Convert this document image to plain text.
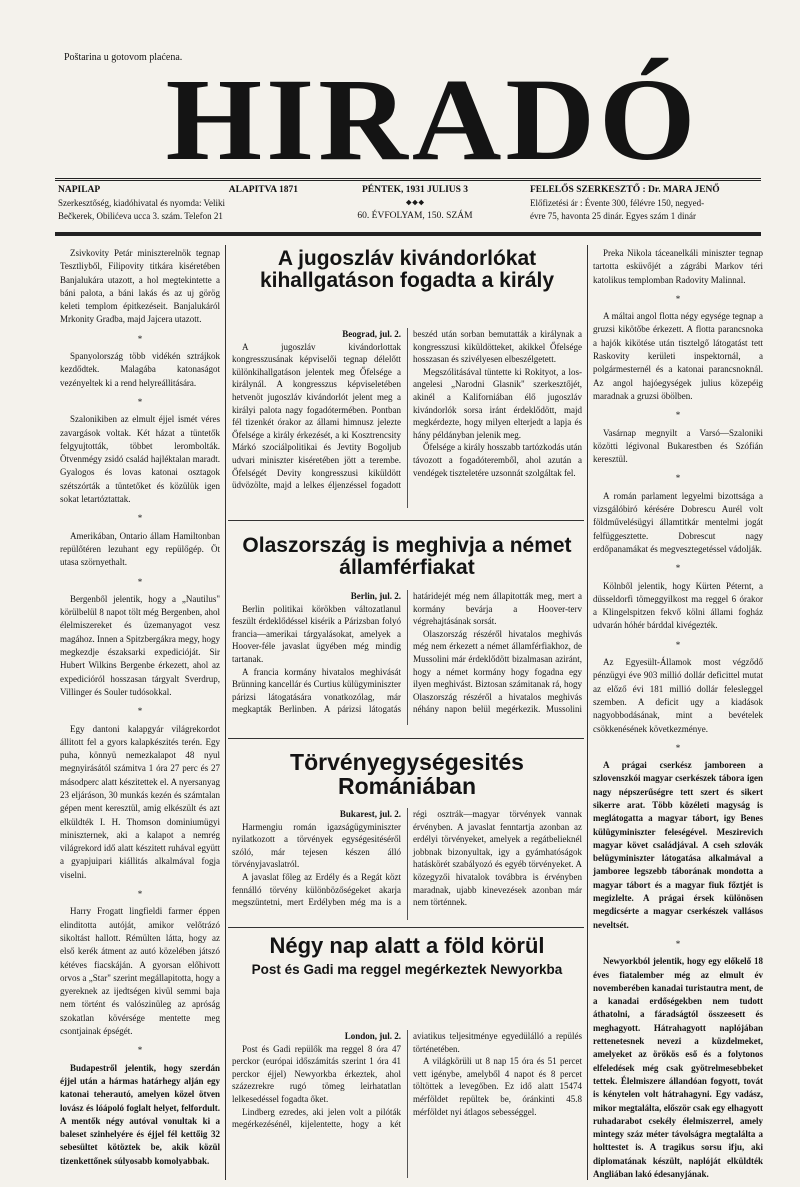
Poštarina u gotovom plaćena.
HIRADÓ
NAPILAP	ALAPITVA 1871
Szerkesztőség, kiadóhivatal és nyomda: Veliki
Bečkerek, Obilićeva ucca 3. szám. Telefon 21
PÉNTEK, 1931 JULIUS 3
❖❖❖
60. ÉVFOLYAM, 150. SZÁM
FELELŐS SZERKESZTŐ : Dr. MARA JENŐ
Előfizetési ár : Évente 300, félévre 150, negyed-
évre 75, havonta 25 dinár. Egyes szám 1 dinár

Zsivkovity Petár miniszterelnök tegnap Tesztliyből, Filipovity titkára kiséretében Banjalukára utazott, a hol megtekintette a báni palota, a báni lakás és az uj görög keleti templom épitkezéseit. Banjalukáról Mrkonity Gradba, majd Jajcera utazott.

*

Spanyolország több vidékén sztrájkok kezdődtek. Malagába katonaságot vezényeltek ki a rend helyreállitására.

*

Szalonikiben az elmult éjjel ismét véres zavargások voltak. Két házat a tüntetők felgyujtották, többet lerombolták. Ötvenmégy zsidó család hajléktalan maradt. Gyalogos és lovas katonai osztagok szétszórták a tüntetőket és közülük igen sokat letartóztattak.

*

Amerikában, Ontario állam Hamiltonban repülőtéren lezuhant egy repülőgép. Öt utasa szörnyethalt.

*

Bergenből jelentik, hogy a „Nautilus" körülbelül 8 napot tölt még Bergenben, ahol élelmiszereket és üzemanyagot vesz magához. Innen a Spitzbergákra megy, hogy megkezdje északsarki expedicióját. Sir Hubert Wilkins Bergenbe érkezett, ahol az expedicióról hosszasan tárgyalt Sverdrup, Villinger és Souler tudósokkal.

*

Egy dantoni kalapgyár világrekordot állitott fel a gyors kalapkészités terén. Egy puha, könnyü nemezkalapot 48 nyul megnyirásától számitva 1 óra 27 perc és 27 másodperc alatt készitettek el. A nyersanyag 23 eljáráson, 30 munkás kezén és számtalan gépen ment keresztül, amig elkészült és azt elküldték I. H. Thomson dominiumügyi miniszternek, aki a kalapot a nemrég világrekord idő alatt készitett ruhával együtt a gyapjuipari kiállitás alkalmával fogja viselni.

*

Harry Frogatt lingfieldi farmer éppen elinditotta autóját, amikor velőtrázó sikoltást hallott. Rémülten látta, hogy az első kerék átment az autó közelében játszó kétéves fiacskáján. A gyorsan előhivott orvos a „Star" szerint megállapitotta, hogy a gyereknek az ijedtségen kivül semmi baja nem történt és valószinüleg az apróság szokatlan kövérsége mentette meg csontjainak épségét.

*

Budapestről jelentik, hogy szerdán éjjel után a hármas határhegy alján egy katonai teherautó, amelyen közel ötven lovász és lóápoló foglalt helyet, felfordult. A mentők négy autóval vonultak ki a baleset szinhelyére és éjjel fél kettőig 32 sebesültet kötöztek be, akik közül tizenkettőnek súlyosabb komolyabbak.

A jugoszláv kivándorlókat kihallgatáson fogadta a király

Beograd, jul. 2.

A jugoszláv kivándorlottak kongresszusának képviselői tegnap délelőtt különkihallgatáson jelentek meg Őfelsége a királynál. A kongresszus képviseletében hetvenöt jugoszláv kivándorlót jelent meg a királyi palota nagy fogadótermében. Pontban fél tizenkét órakor az állami himnusz jelezte Őfelsége a király érkezését, a ki Kosztrencsity Márkó szociálpolitikai és Jevtity Bogoljub udvari miniszter kiséretében jött a terembe. Őfelségét Devity kongresszusi kiküldött üdvözölte, majd a lelkes éljenzéssel fogadott beszéd után sorban bemutatták a királynak a kongresszusi kiküldötteket, akikkel Őfelsége hosszasan és szivélyesen elbeszélgetett.

Megszólitásával tüntette ki Rokityot, a los-angelesi „Narodni Glasnik" szerkesztőjét, akinél a Kaliforniában élő jugoszláv kivándorlók sorsa iránt érdeklődött, majd megkérdezte, hogy milyen elterjedt a lapja és hány példányban jelenik meg.

Őfelsége a király hosszabb tartózkodás után távozott a fogadóteremből, ahol azután a vendégek tiszteletére uzsonnát szolgáltak fel.

Olaszország is meghivja a német államférfiakat

Berlin, jul. 2.

Berlin politikai körökben változatlanul feszült érdeklődéssel kisérik a Párizsban folyó francia—amerikai tárgyalásokat, amelyek a Hoover-féle javaslat ügyében még mindig tartanak.

A francia kormány hivatalos meghivását Brünning kancellár és Curtius külügyminiszter párizsi látogatására vonatkozólag, már megkapták Berlinben. A párizsi látogatás határidejét még nem állapitották meg, mert a kormány bevárja a Hoover-terv végrehajtásának sorsát.

Olaszország részéről hivatalos meghivás még nem érkezett a német államférfiakhoz, de Mussolini már érdeklődött bizalmasan aziránt, hogy a német kormány hogy fogadna egy ilyen meghivást. Biztosan számitanak rá, hogy Olaszország részéről a hivatalos meghivás néhány napon belül megérkezik. Mussolini

Törvényegységesités Romániában

Bukarest, jul. 2.

Harmengiu román igazságügyminiszter nyilatkozott a törvények egységesitéséről szóló, már tejesen készen álló törvényjavaslatról.

A javaslat főleg az Erdély és a Regát közt fennálló törvény különbözőségeket akarja megszüntetni, mert Erdélyben még ma is a régi osztrák—magyar törvények vannak érvényben. A javaslat fenntartja azonban az erdélyi törvényeket, amelyek a regátbelieknél jobbnak bizonyultak, igy a gyámhatóságok hatáskörét szabályozó és egyéb törvényeket. A közegyzői hivatalok továbbra is érvényben maradnak, ujabb kinevezések azonban már nem történnek.

Négy nap alatt a föld körül
Post és Gadi ma reggel megérkeztek Newyorkba

London, jul. 2.

Post és Gadi repülők ma reggel 8 óra 47 perckor (európai időszámitás szerint 1 óra 41 perckor éjjel) Newyorkba érkeztek, ahol százezrekre rugó tömeg leirhatatlan lelkesedéssel fogadta őket.

Lindberg ezredes, aki jelen volt a pilóták megérkezésénél, kijelentette, hogy a két aviatikus teljesitménye egyedülálló a repülés történetében.

A világkörüli ut 8 nap 15 óra és 51 percet vett igénybe, amelyből 4 napot és 8 percet töltöttek a levegőben. Ez idő alatt 15474 mérföldet repültek be, óránkinti 45.8 mérföldet nyi átlagos sebességgel.

Preka Nikola táceanelkáli miniszter tegnap tartotta esküvőjét a zágrábi Markov téri katolikus templomban Radovity Malinnal.

*

A máltai angol flotta négy egysége tegnap a gruzsi kikötőbe érkezett. A flotta parancsnoka a hajók kikötése után tisztelgő látogatást tett Raskovity kerületi inspektornál, a polgármesternél és a katonai parancsnoknál. Az angol hajóegységek julius közepéig maradnak a gruzsi öbölben.

*

Vasárnap megnyilt a Varsó—Szaloniki közötti légivonal Bukarestben és Szófián keresztül.

*

A román parlament legyelmi bizottsága a vizsgálóbiró kérésére Dobrescu Aurél volt földművelésügyi államtitkár mentelmi jogát felfüggesztette. Dobrescut nagy erdőpanamákat és megvesztegetéssel vádolják.

*

Kölnből jelentik, hogy Kürten Péternt, a düsseldorfi tömeggyilkost ma reggel 6 órakor a Klingelspitzen fekvő kölni állami fogház udvarán hóhér bárddal kivégezték.

*

Az Egyesült-Államok most végződő pénzügyi éve 903 millió dollár deficittel mutat az előző évi 181 millió dollár felesleggel szemben. A deficit ugy a kiadások nagyobbodásának, mint a bevételek csökkenésének következménye.

*

A prágai cserkész jamboreen a szlovenszkói magyar cserkészek tábora igen nagy népszerűségre tett szert és sikert sikerre arat. Több közéleti magyság is meglátogatta a magyar tábort, igy Benes külügyminiszter feleségével. Meszirevich magyar követ családjával. A cseh szlovák belügyminiszter látogatása alkalmával a jamboree legszebb táborának mondotta a magyar tábort és a magyar fiuk főztjét is megizlelte. A prágai érsek különösen megdicsérte a magyar cserkészek vallásos neveltsét.

*

Newyorkból jelentik, hogy egy előkelő 18 éves fiatalember még az elmult év novemberében kanadai turistautra ment, de a kanadai erdőségekben nem tudott áthatolni, a fáradságtól összeesett és meghagyott. Hátrahagyott naplójában rettenetesnek nevezi a küzdelmeket, amelyeket az örökös eső és a folytonos elfeledések még csak gyötrelmesebbeket tettek. Élelmiszere állandóan fogyott, továt is kénytelen volt hátrahagyni. Egy vadász, mikor megtalálta, először csak egy elhagyott ruhadarabot csekély élelmiszerrel, amely mintegy száz méter távolságra megtalálta a holttestet is. A tragikus sorsu ifju, aki diplomatának készült, naplóját elküldték Angliában lakó édesanyjának.
